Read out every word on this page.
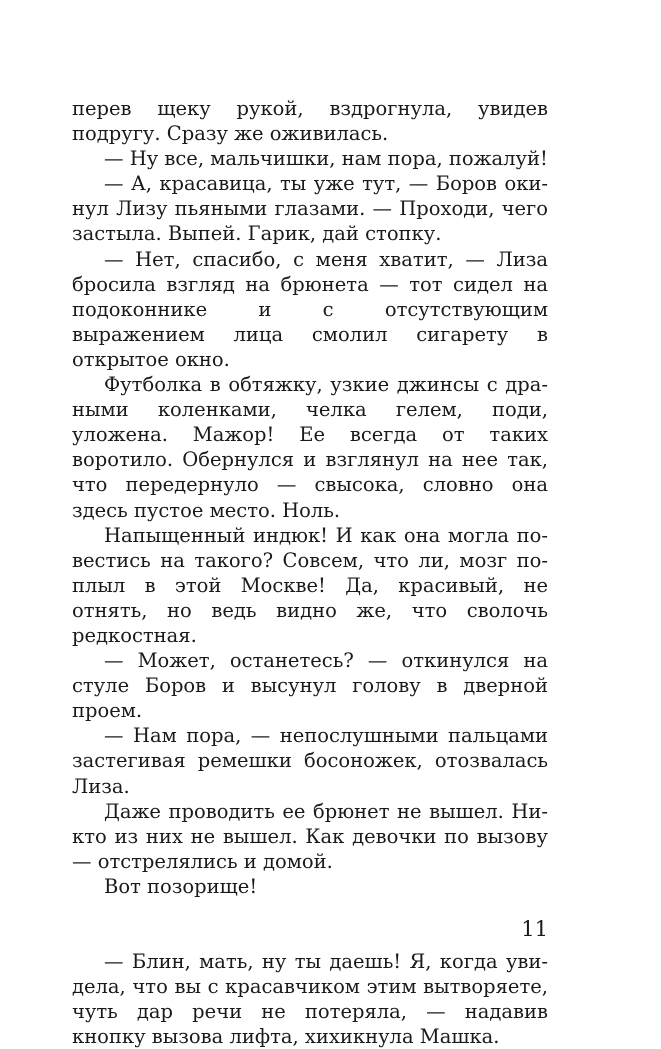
перев щеку рукой, вздрогнула, увидев подругу. Сразу же оживилась.

— Ну все, мальчишки, нам пора, пожалуй!

— А, красавица, ты уже тут, — Боров окинул Лизу пьяными глазами. — Проходи, чего застыла. Выпей. Гарик, дай стопку.

— Нет, спасибо, с меня хватит, — Лиза бросила взгляд на брюнета — тот сидел на подоконнике и с отсутствующим выражением лица смолил сигарету в открытое окно.

Футболка в обтяжку, узкие джинсы с драными коленками, челка гелем, поди, уложена. Мажор! Ее всегда от таких воротило. Обернулся и взглянул на нее так, что передернуло — свысока, словно она здесь пустое место. Ноль.

Напыщенный индюк! И как она могла повестись на такого? Совсем, что ли, мозг поплыл в этой Москве! Да, красивый, не отнять, но ведь видно же, что сволочь редкостная.

— Может, останетесь? — откинулся на стуле Боров и высунул голову в дверной проем.

— Нам пора, — непослушными пальцами застегивая ремешки босоножек, отозвалась Лиза.

Даже проводить ее брюнет не вышел. Никто из них не вышел. Как девочки по вызову — отстрелялись и домой.

Вот позорище!

— Блин, мать, ну ты даешь! Я, когда увидела, что вы с красавчиком этим вытворяете, чуть дар речи не потеряла, — надавив кнопку вызова лифта, хихикнула Машка.

11
